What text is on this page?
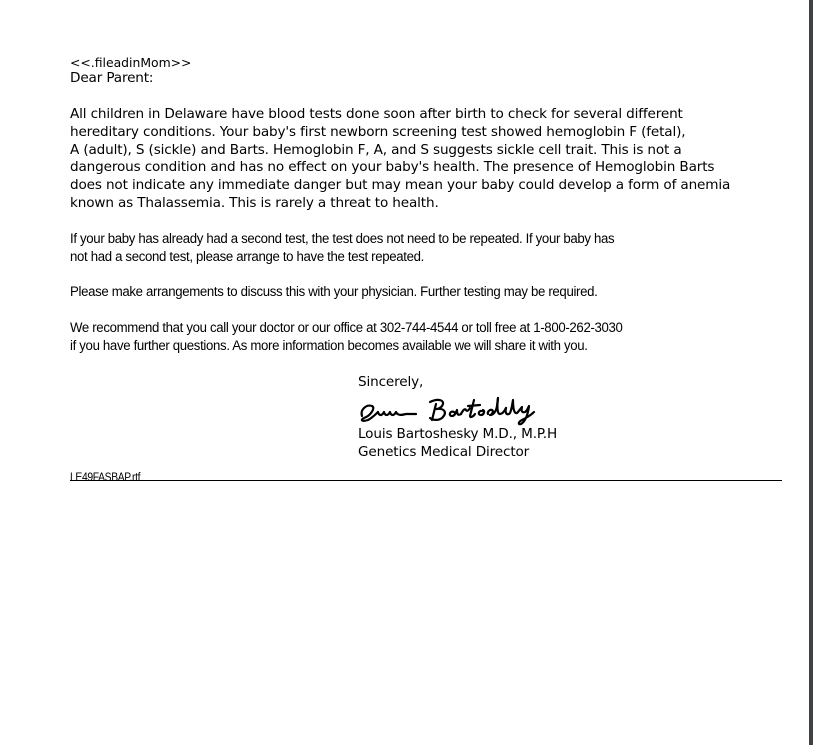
<<.fileadinMom>>
Dear Parent:
All children in Delaware have blood tests done soon after birth to check for several different
hereditary conditions. Your baby's first newborn screening test showed hemoglobin F (fetal),
A (adult), S (sickle) and Barts. Hemoglobin F, A, and S suggests sickle cell trait. This is not a
dangerous condition and has no effect on your baby's health. The presence of Hemoglobin Barts
does not indicate any immediate danger but may mean your baby could develop a form of anemia
known as Thalassemia. This is rarely a threat to health.
If your baby has already had a second test, the test does not need to be repeated. If your baby has
not had a second test, please arrange to have the test repeated.
Please make arrangements to discuss this with your physician. Further testing may be required.
We recommend that you call your doctor or our office at 302-744-4544 or toll free at 1-800-262-3030
if you have further questions. As more information becomes available we will share it with you.
Sincerely,
Louis Bartoshesky M.D., M.P.H
Genetics Medical Director
LE49FASBAP.rtf
